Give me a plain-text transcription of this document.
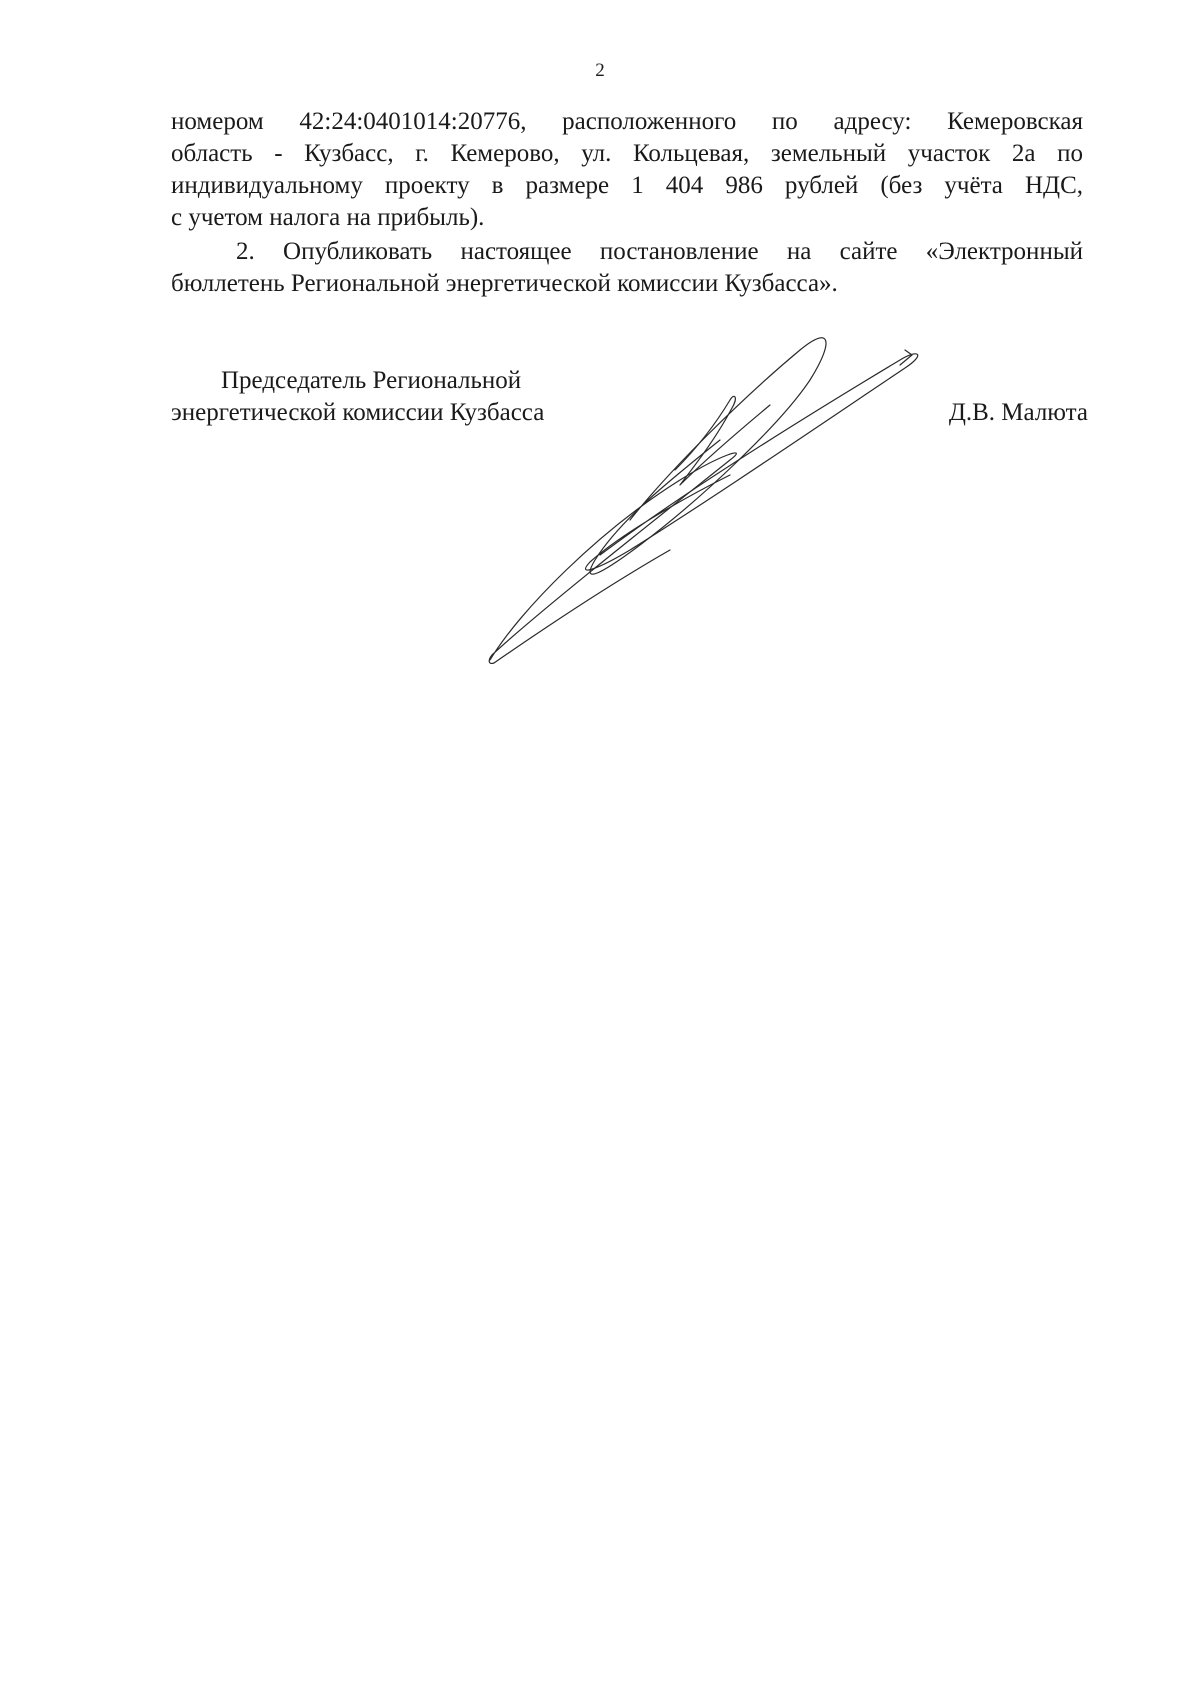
2
номером 42:24:0401014:20776, расположенного по адресу: Кемеровская
область - Кузбасс, г. Кемерово, ул. Кольцевая, земельный участок 2а по
индивидуальному проекту в размере 1 404 986 рублей (без учёта НДС,
с учетом налога на прибыль).
2. Опубликовать настоящее постановление на сайте «Электронный
бюллетень Региональной энергетической комиссии Кузбасса».
Председатель Региональной
энергетической комиссии Кузбасса	Д.В. Малюта
